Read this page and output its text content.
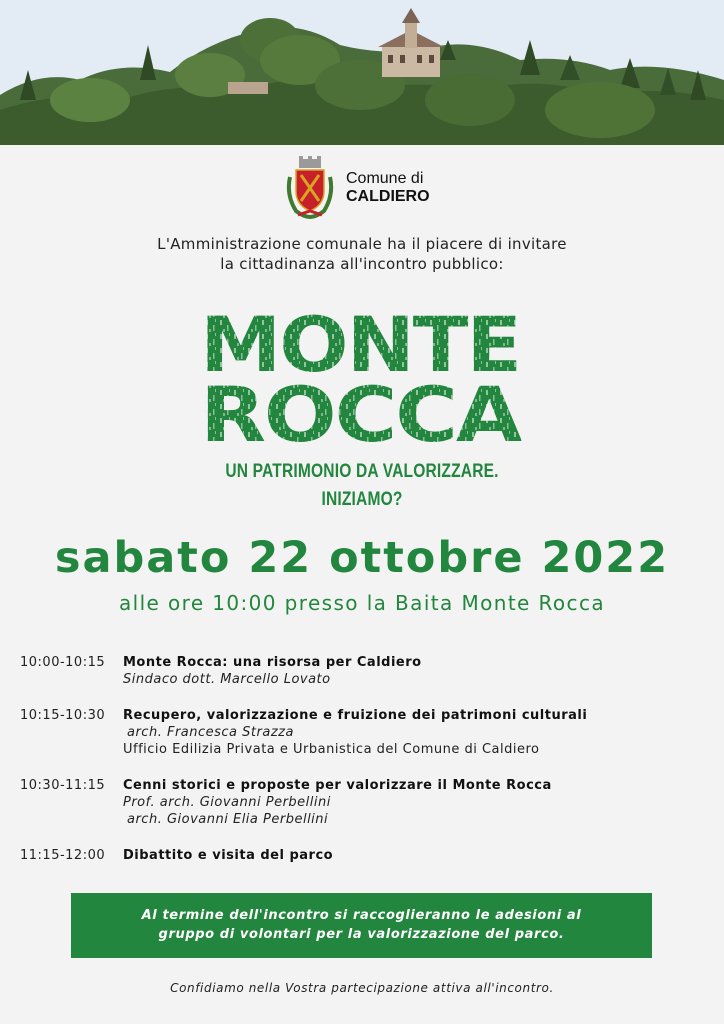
Comune di
CALDIERO
L'Amministrazione comunale ha il piacere di invitare
la cittadinanza all'incontro pubblico:
MONTE
ROCCA
UN PATRIMONIO DA VALORIZZARE.
INIZIAMO?
sabato 22 ottobre 2022
alle ore 10:00 presso la Baita Monte Rocca
10:00-10:15 Monte Rocca: una risorsa per Caldiero
Sindaco dott. Marcello Lovato
10:15-10:30 Recupero, valorizzazione e fruizione dei patrimoni culturali
arch. Francesca Strazza
Ufficio Edilizia Privata e Urbanistica del Comune di Caldiero
10:30-11:15 Cenni storici e proposte per valorizzare il Monte Rocca
Prof. arch. Giovanni Perbellini
arch. Giovanni Elia Perbellini
11:15-12:00 Dibattito e visita del parco
Al termine dell'incontro si raccoglieranno le adesioni al
gruppo di volontari per la valorizzazione del parco.
Confidiamo nella Vostra partecipazione attiva all'incontro.
